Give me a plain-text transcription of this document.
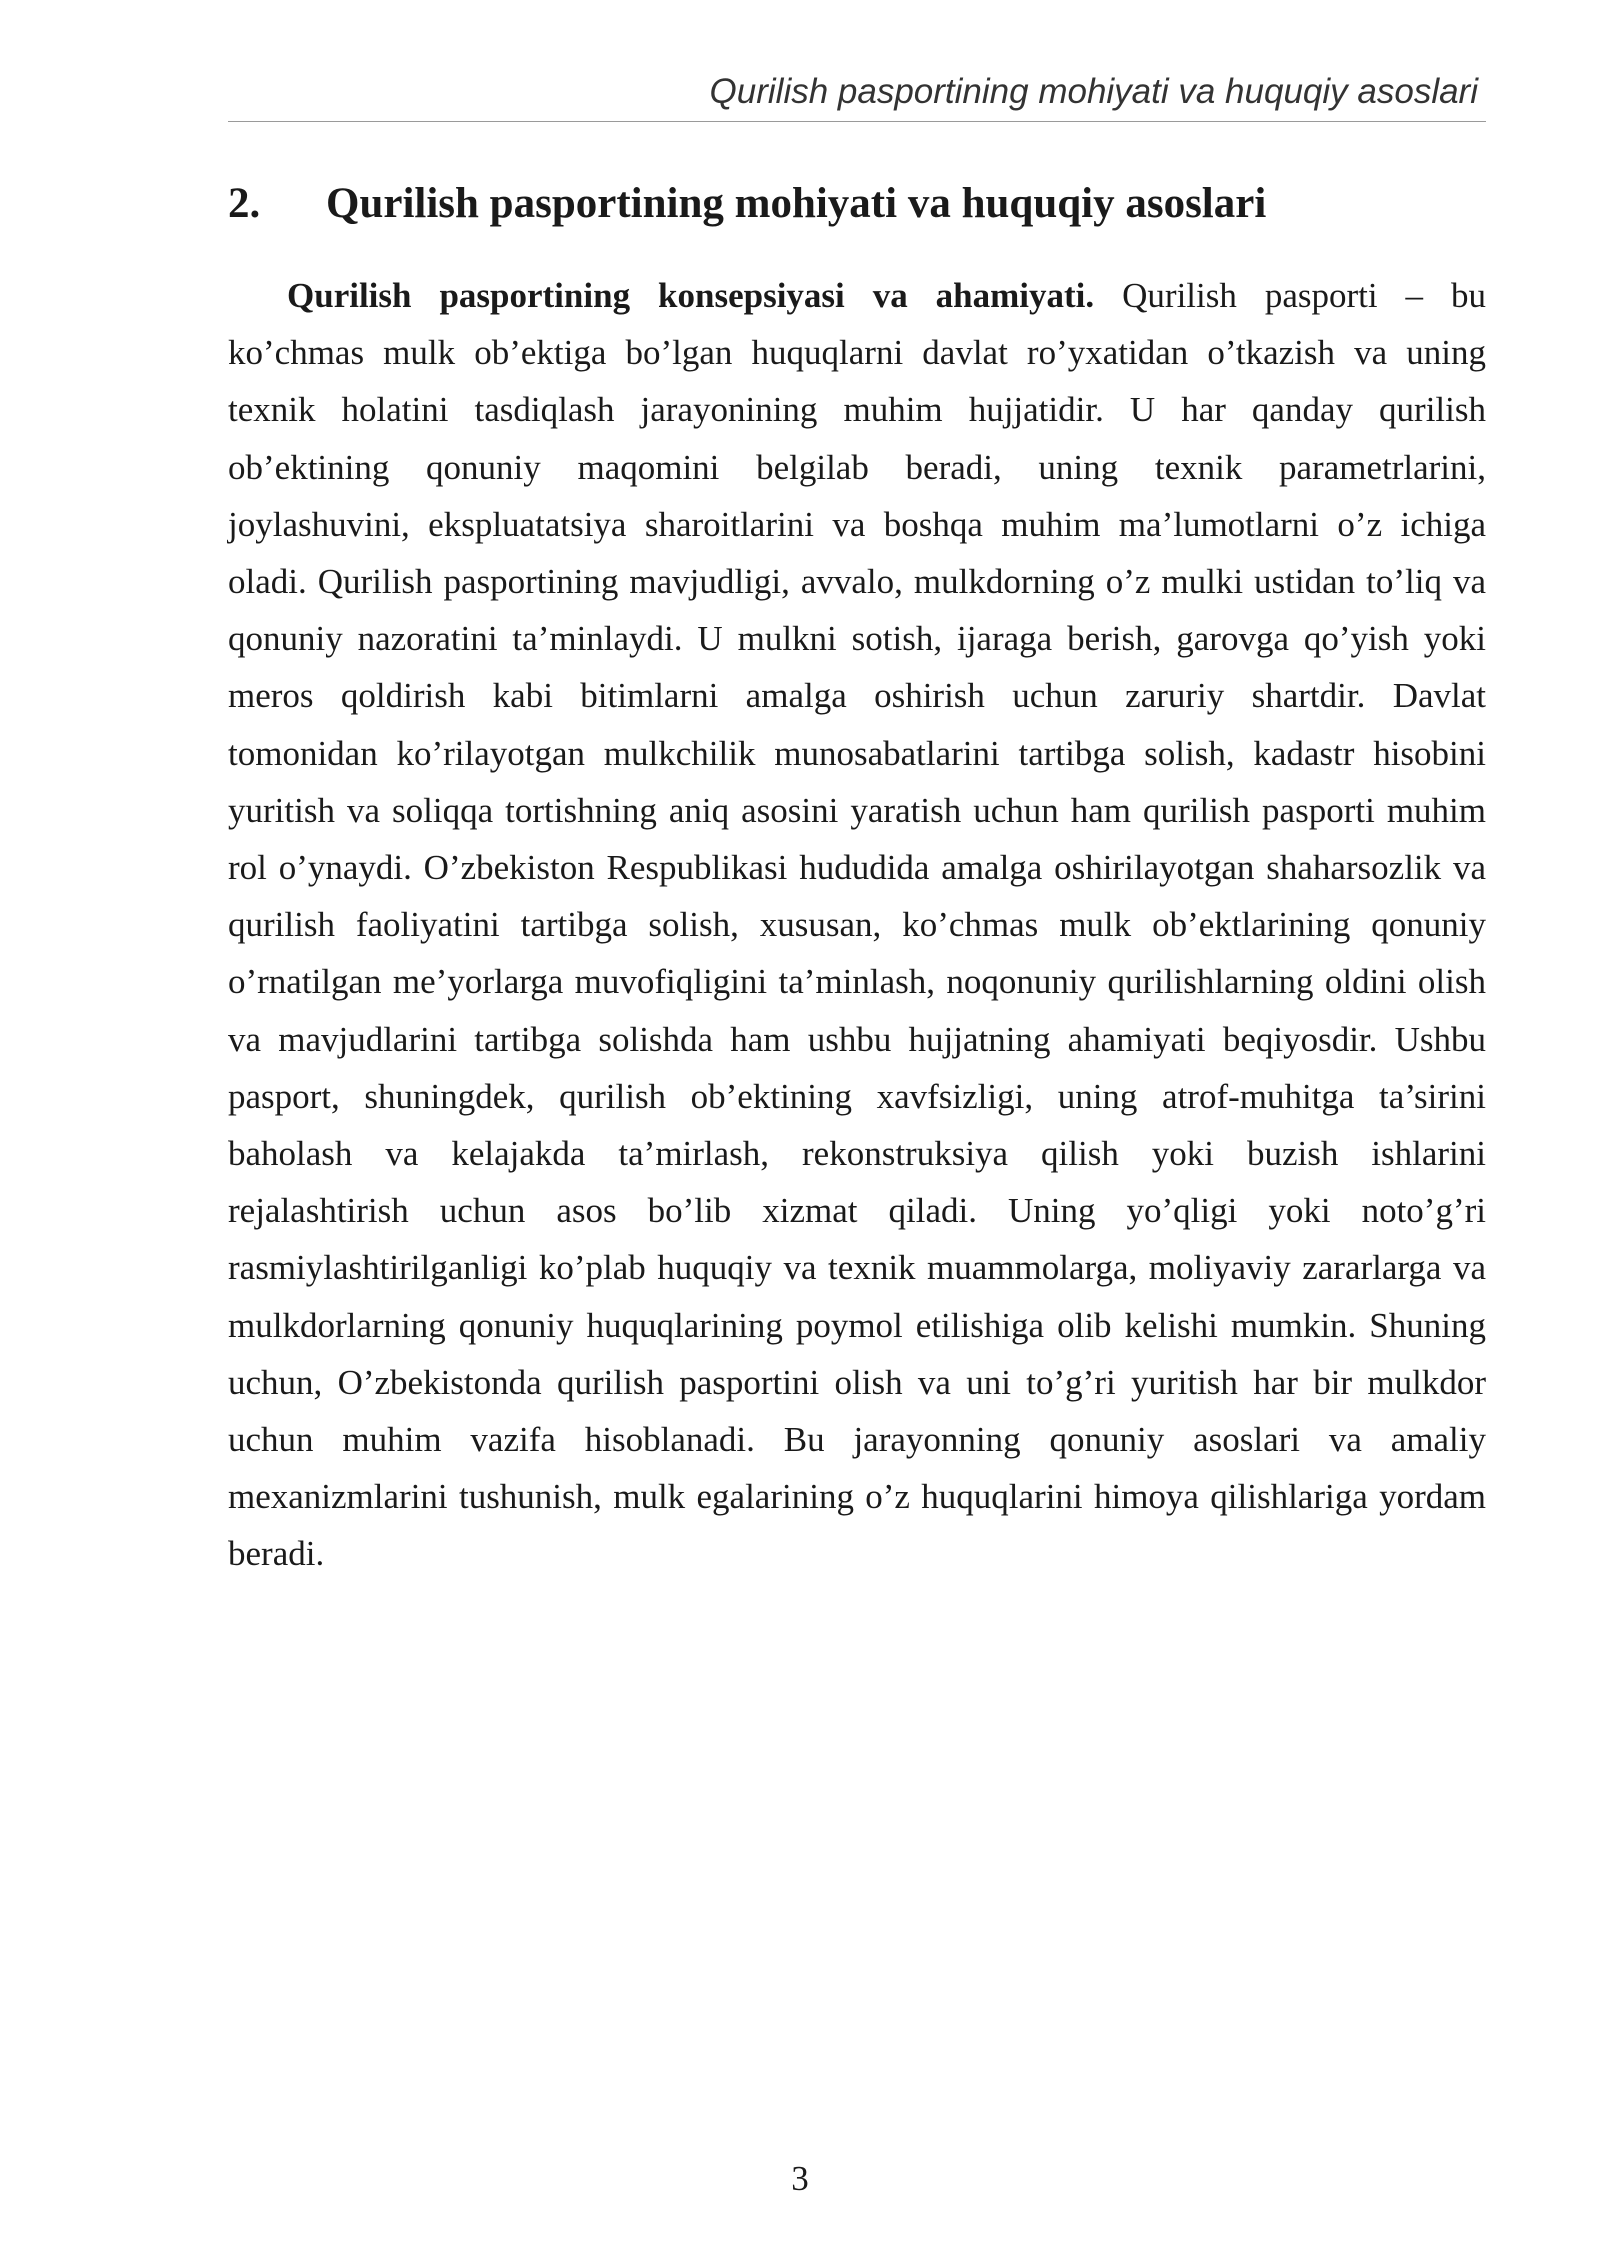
Qurilish pasportining mohiyati va huquqiy asoslari
2. Qurilish pasportining mohiyati va huquqiy asoslari

Qurilish pasportining konsepsiyasi va ahamiyati. Qurilish pasporti – bu ko’chmas mulk ob’ektiga bo’lgan huquqlarni davlat ro’yxatidan o’tkazish va uning texnik holatini tasdiqlash jarayonining muhim hujjatidir. U har qanday qurilish ob’ektining qonuniy maqomini belgilab beradi, uning texnik parametrlarini, joylashuvini, ekspluatatsiya sharoitlarini va boshqa muhim ma’lumotlarni o’z ichiga oladi. Qurilish pasportining mavjudligi, avvalo, mulkdorning o’z mulki ustidan to’liq va qonuniy nazoratini ta’minlaydi. U mulkni sotish, ijaraga berish, garovga qo’yish yoki meros qoldirish kabi bitimlarni amalga oshirish uchun zaruriy shartdir. Davlat tomonidan ko’rilayotgan mulkchilik munosabatlarini tartibga solish, kadastr hisobini yuritish va soliqqa tortishning aniq asosini yaratish uchun ham qurilish pasporti muhim rol o’ynaydi. O’zbekiston Respublikasi hududida amalga oshirilayotgan shaharsozlik va qurilish faoliyatini tartibga solish, xususan, ko’chmas mulk ob’ektlarining qonuniy o’rnatilgan me’yorlarga muvofiqligini ta’minlash, noqonuniy qurilishlarning oldini olish va mavjudlarini tartibga solishda ham ushbu hujjatning ahamiyati beqiyosdir. Ushbu pasport, shuningdek, qurilish ob’ektining xavfsizligi, uning atrof-muhitga ta’sirini baholash va kelajakda ta’mirlash, rekonstruksiya qilish yoki buzish ishlarini rejalashtirish uchun asos bo’lib xizmat qiladi. Uning yo’qligi yoki noto’g’ri rasmiylashtirilganligi ko’plab huquqiy va texnik muammolarga, moliyaviy zararlarga va mulkdorlarning qonuniy huquqlarining poymol etilishiga olib kelishi mumkin. Shuning uchun, O’zbekistonda qurilish pasportini olish va uni to’g’ri yuritish har bir mulkdor uchun muhim vazifa hisoblanadi. Bu jarayonning qonuniy asoslari va amaliy mexanizmlarini tushunish, mulk egalarining o’z huquqlarini himoya qilishlariga yordam beradi.

3
